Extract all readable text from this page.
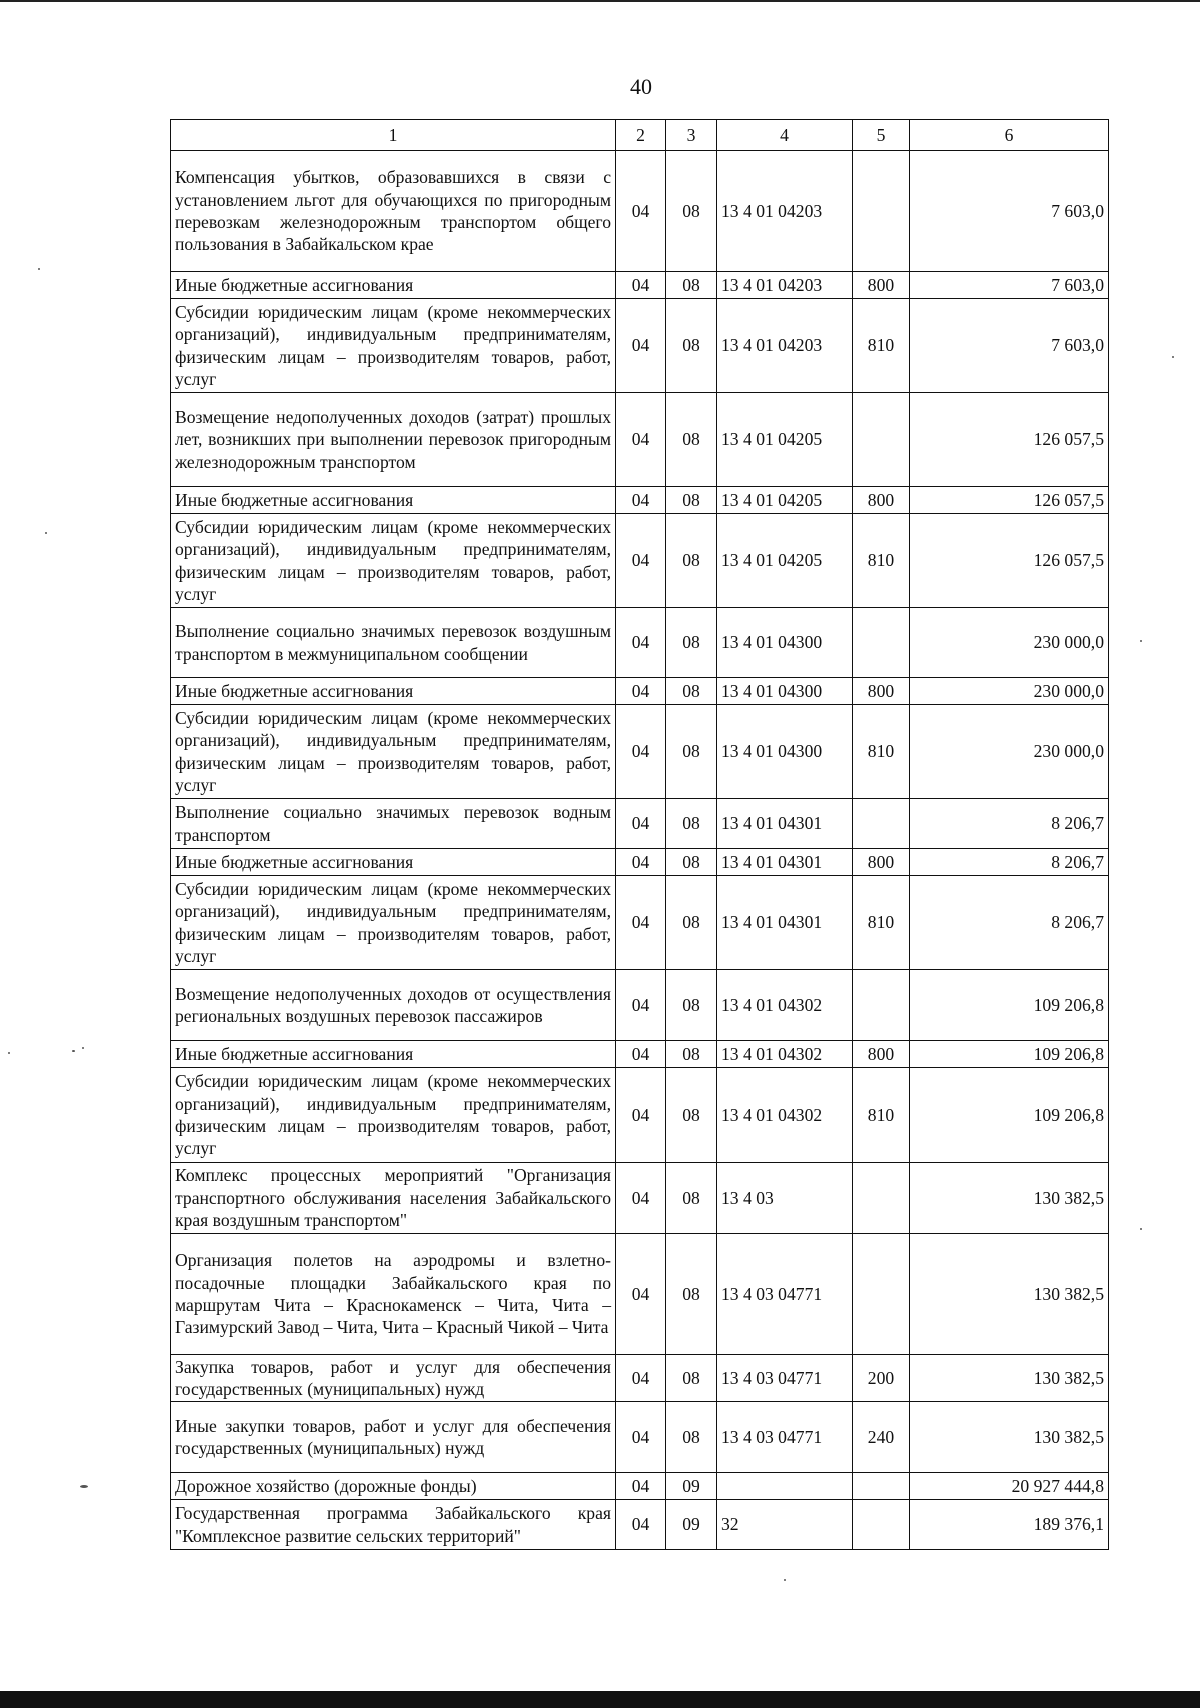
40
1	2	3	4	5	6
Компенсация убытков, образовавшихся в связи с установлением льгот для обучающихся по пригородным перевозкам железнодорожным транспортом общего пользования в Забайкальском крае	04	08	13 4 01 04203		7 603,0
Иные бюджетные ассигнования	04	08	13 4 01 04203	800	7 603,0
Субсидии юридическим лицам (кроме некоммерческих организаций), индивидуальным предпринимателям, физическим лицам – производителям товаров, работ, услуг	04	08	13 4 01 04203	810	7 603,0
Возмещение недополученных доходов (затрат) прошлых лет, возникших при выполнении перевозок пригородным железнодорожным транспортом	04	08	13 4 01 04205		126 057,5
Иные бюджетные ассигнования	04	08	13 4 01 04205	800	126 057,5
Субсидии юридическим лицам (кроме некоммерческих организаций), индивидуальным предпринимателям, физическим лицам – производителям товаров, работ, услуг	04	08	13 4 01 04205	810	126 057,5
Выполнение социально значимых перевозок воздушным транспортом в межмуниципальном сообщении	04	08	13 4 01 04300		230 000,0
Иные бюджетные ассигнования	04	08	13 4 01 04300	800	230 000,0
Субсидии юридическим лицам (кроме некоммерческих организаций), индивидуальным предпринимателям, физическим лицам – производителям товаров, работ, услуг	04	08	13 4 01 04300	810	230 000,0
Выполнение социально значимых перевозок водным транспортом	04	08	13 4 01 04301		8 206,7
Иные бюджетные ассигнования	04	08	13 4 01 04301	800	8 206,7
Субсидии юридическим лицам (кроме некоммерческих организаций), индивидуальным предпринимателям, физическим лицам – производителям товаров, работ, услуг	04	08	13 4 01 04301	810	8 206,7
Возмещение недополученных доходов от осуществления региональных воздушных перевозок пассажиров	04	08	13 4 01 04302		109 206,8
Иные бюджетные ассигнования	04	08	13 4 01 04302	800	109 206,8
Субсидии юридическим лицам (кроме некоммерческих организаций), индивидуальным предпринимателям, физическим лицам – производителям товаров, работ, услуг	04	08	13 4 01 04302	810	109 206,8
Комплекс процессных мероприятий "Организация транспортного обслуживания населения Забайкальского края воздушным транспортом"	04	08	13 4 03		130 382,5
Организация полетов на аэродромы и взлетно-посадочные площадки Забайкальского края по маршрутам Чита – Краснокаменск – Чита, Чита – Газимурский Завод – Чита, Чита – Красный Чикой – Чита	04	08	13 4 03 04771		130 382,5
Закупка товаров, работ и услуг для обеспечения государственных (муниципальных) нужд	04	08	13 4 03 04771	200	130 382,5
Иные закупки товаров, работ и услуг для обеспечения государственных (муниципальных) нужд	04	08	13 4 03 04771	240	130 382,5
Дорожное хозяйство (дорожные фонды)	04	09			20 927 444,8
Государственная программа Забайкальского края "Комплексное развитие сельских территорий"	04	09	32		189 376,1
